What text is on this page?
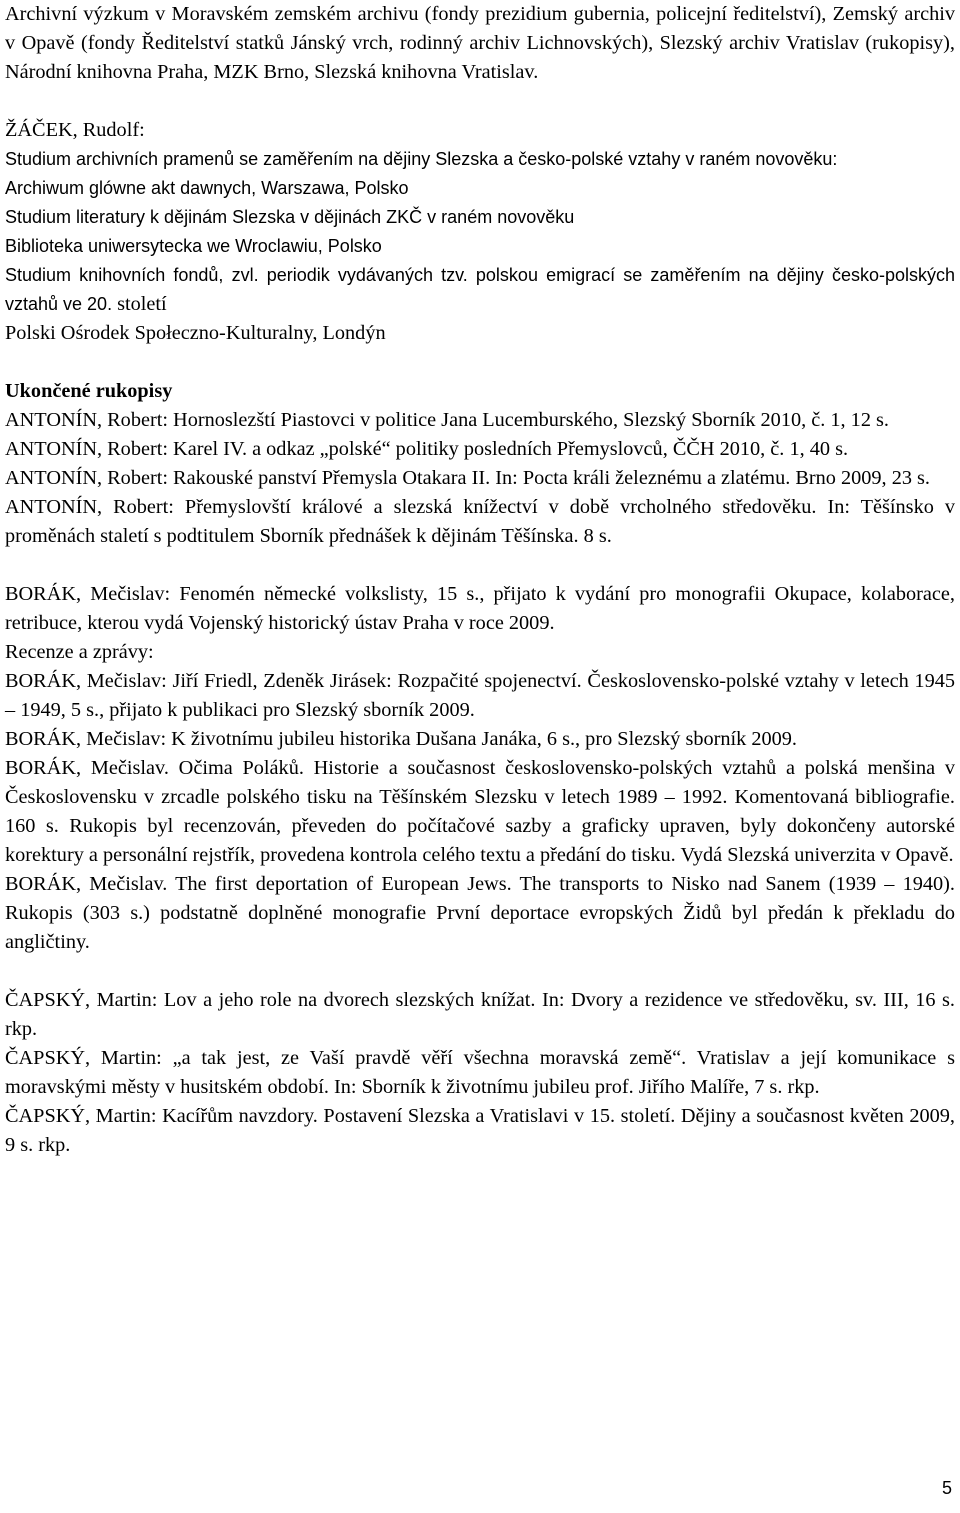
Archivní výzkum v Moravském zemském archivu (fondy prezidium gubernia, policejní ředitelství), Zemský archiv v Opavě (fondy Ředitelství statků Jánský vrch, rodinný archiv Lichnovských), Slezský archiv Vratislav (rukopisy), Národní knihovna Praha, MZK Brno, Slezská knihovna Vratislav.

ŽÁČEK, Rudolf:

Studium archivních pramenů se zaměřením na dějiny Slezska a česko-polské vztahy v raném novověku:

Archiwum glówne akt dawnych, Warszawa, Polsko

Studium literatury k dějinám Slezska v dějinách ZKČ v raném novověku

Biblioteka uniwersytecka we Wroclawiu, Polsko

Studium knihovních fondů, zvl. periodik vydávaných tzv. polskou emigrací se zaměřením na dějiny česko-polských vztahů ve 20. století

Polski Ośrodek Społeczno-Kulturalny, Londýn

Ukončené rukopisy

ANTONÍN, Robert: Hornoslezští Piastovci v politice Jana Lucemburského, Slezský Sborník 2010, č. 1, 12 s.

ANTONÍN, Robert: Karel IV. a odkaz „polské“ politiky posledních Přemyslovců, ČČH 2010, č. 1, 40 s.

ANTONÍN, Robert: Rakouské panství Přemysla Otakara II. In: Pocta králi železnému a zlatému. Brno 2009, 23 s.

ANTONÍN, Robert: Přemyslovští králové a slezská knížectví v době vrcholného středověku. In: Těšínsko v proměnách staletí s podtitulem Sborník přednášek k dějinám Těšínska. 8 s.

BORÁK, Mečislav: Fenomén německé volkslisty, 15 s., přijato k vydání pro monografii Okupace, kolaborace, retribuce, kterou vydá Vojenský historický ústav Praha v roce 2009.

Recenze a zprávy:

BORÁK, Mečislav: Jiří Friedl, Zdeněk Jirásek: Rozpačité spojenectví. Československo-polské vztahy v letech 1945 – 1949, 5 s., přijato k publikaci pro Slezský sborník 2009.

BORÁK, Mečislav: K životnímu jubileu historika Dušana Janáka, 6 s., pro Slezský sborník 2009.

BORÁK, Mečislav. Očima Poláků. Historie a současnost československo-polských vztahů a polská menšina v Československu v zrcadle polského tisku na Těšínském Slezsku v letech 1989 – 1992. Komentovaná bibliografie. 160 s. Rukopis byl recenzován, převeden do počítačové sazby a graficky upraven, byly dokončeny autorské korektury a personální rejstřík, provedena kontrola celého textu a předání do tisku. Vydá Slezská univerzita v Opavě.

BORÁK, Mečislav. The first deportation of European Jews. The transports to Nisko nad Sanem (1939 – 1940). Rukopis (303 s.) podstatně doplněné monografie První deportace evropských Židů byl předán k překladu do angličtiny.

ČAPSKÝ, Martin: Lov a jeho role na dvorech slezských knížat. In: Dvory a rezidence ve středověku, sv. III, 16 s. rkp.

ČAPSKÝ, Martin: „a tak jest, ze Vaší pravdě věří všechna moravská země“. Vratislav a její komunikace s moravskými městy v husitském období. In: Sborník k životnímu jubileu prof. Jiřího Malíře, 7 s. rkp.

ČAPSKÝ, Martin: Kacířům navzdory. Postavení Slezska a Vratislavi v 15. století. Dějiny a současnost květen 2009, 9 s. rkp.

5
